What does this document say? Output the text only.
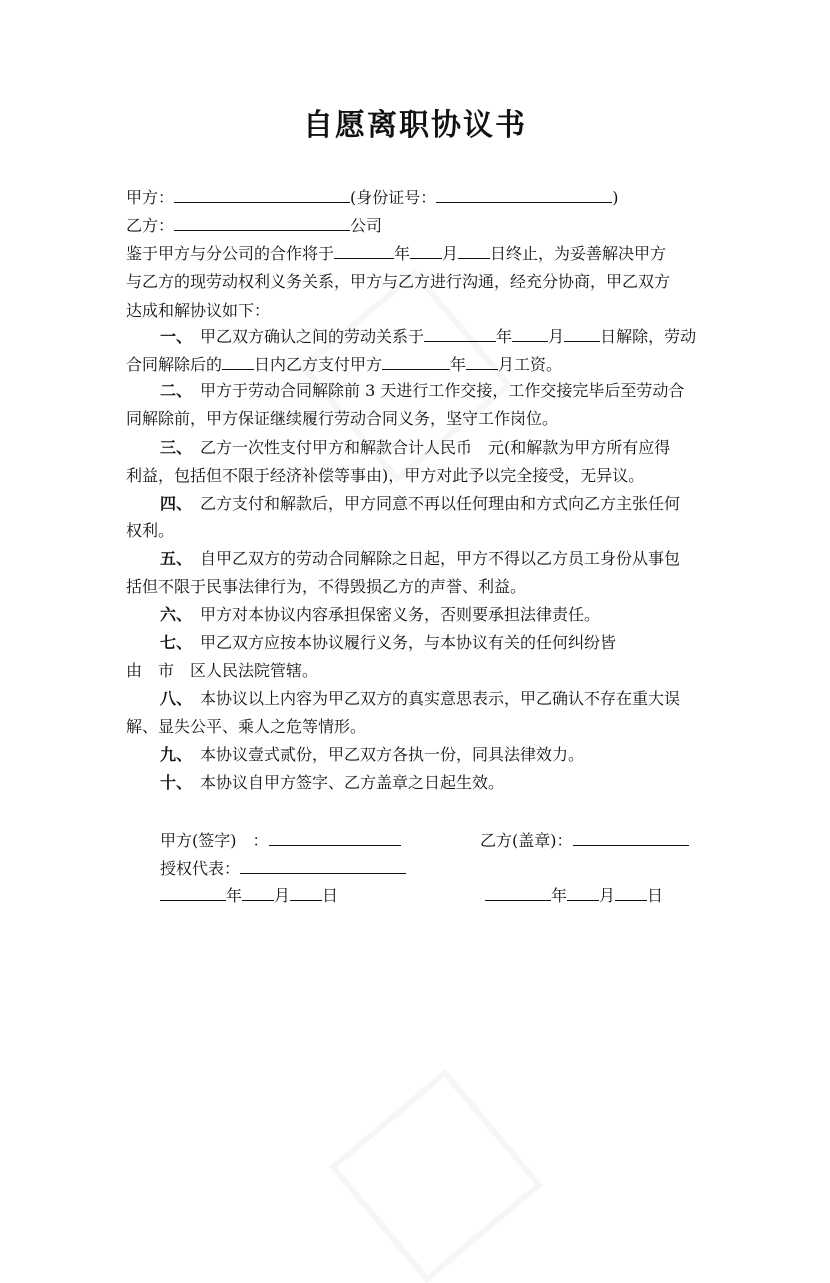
自愿离职协议书
甲方：	(身份证号：	)
乙方：	公司
鉴于甲方与分公司的合作将于	年 月 日终止，为妥善解决甲方
与乙方的现劳动权利义务关系，甲方与乙方进行沟通，经充分协商，甲乙双方
达成和解协议如下：
一、　 甲乙双方确认之间的劳动关系于	年 月 日解除，劳动
合同解除后的 日内乙方支付甲方	年 月工资。
二、　 甲方于劳动合同解除前 3 天进行工作交接，工作交接完毕后至劳动合
同解除前，甲方保证继续履行劳动合同义务，坚守工作岗位。
三、　 乙方一次性支付甲方和解款合计人民币　元(和解款为甲方所有应得
利益，包括但不限于经济补偿等事由)，甲方对此予以完全接受，无异议。
四、　 乙方支付和解款后，甲方同意不再以任何理由和方式向乙方主张任何
权利。
五、　 自甲乙双方的劳动合同解除之日起，甲方不得以乙方员工身份从事包
括但不限于民事法律行为，不得毁损乙方的声誉、利益。
六、　 甲方对本协议内容承担保密义务，否则要承担法律责任。
七、　 甲乙双方应按本协议履行义务，与本协议有关的任何纠纷皆
由　市　区人民法院管辖。
八、　 本协议以上内容为甲乙双方的真实意思表示，甲乙确认不存在重大误
解、显失公平、乘人之危等情形。
九、　 本协议壹式贰份，甲乙双方各执一份，同具法律效力。
十、　 本协议自甲方签字、乙方盖章之日起生效。
甲方(签字)　：	乙方(盖章)：
授权代表：
年 月 日	年 月 日
